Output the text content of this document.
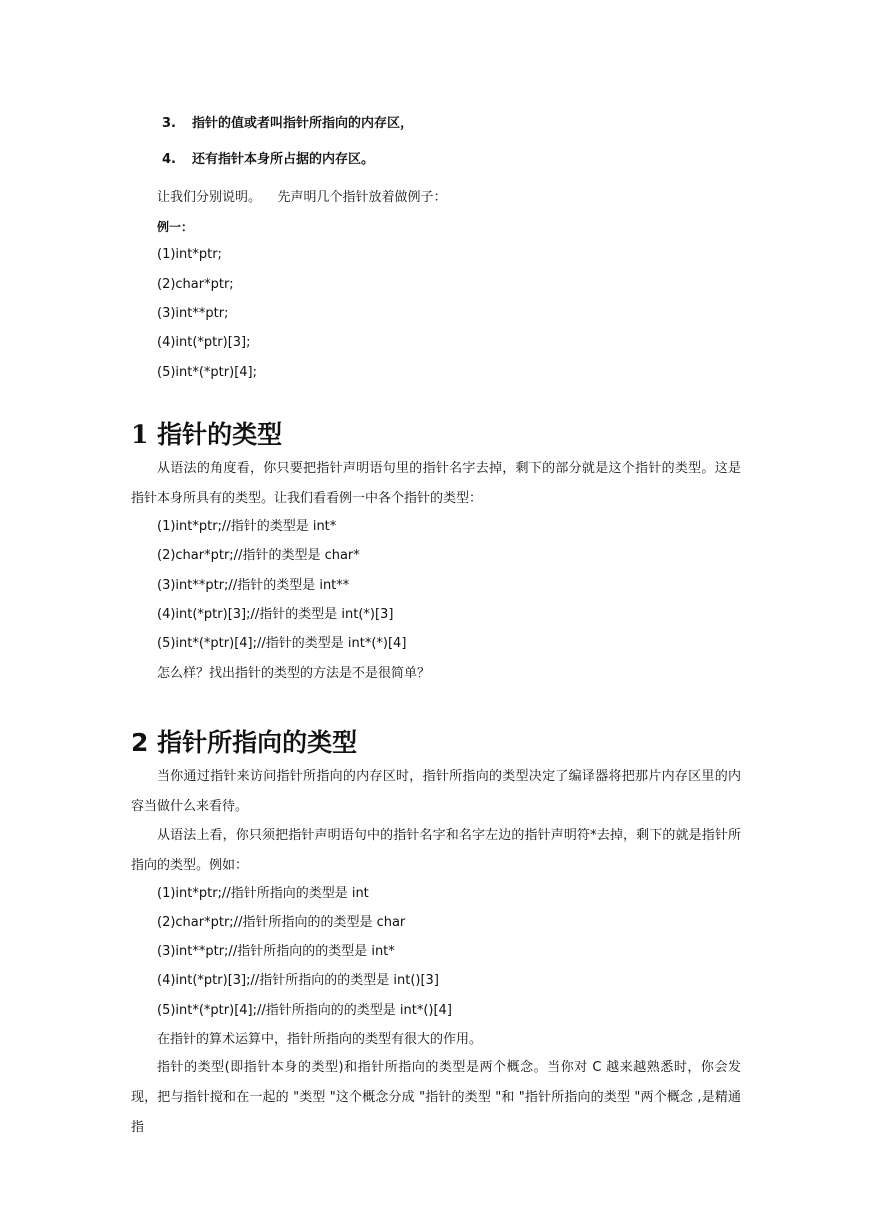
3. 指针的值或者叫指针所指向的内存区，
4. 还有指针本身所占据的内存区。
让我们分别说明。    先声明几个指针放着做例子：
例一：
(1)int*ptr;
(2)char*ptr;
(3)int**ptr;
(4)int(*ptr)[3];
(5)int*(*ptr)[4];
1 指针的类型
从语法的角度看，你只要把指针声明语句里的指针名字去掉，剩下的部分就是这个指针的类型。这是指针本身所具有的类型。让我们看看例一中各个指针的类型：
(1)int*ptr;//指针的类型是 int*
(2)char*ptr;//指针的类型是 char*
(3)int**ptr;//指针的类型是 int**
(4)int(*ptr)[3];//指针的类型是 int(*)[3]
(5)int*(*ptr)[4];//指针的类型是 int*(*)[4]
怎么样？找出指针的类型的方法是不是很简单？
2 指针所指向的类型
当你通过指针来访问指针所指向的内存区时，指针所指向的类型决定了编译器将把那片内存区里的内容当做什么来看待。
从语法上看，你只须把指针声明语句中的指针名字和名字左边的指针声明符*去掉，剩下的就是指针所指向的类型。例如：
(1)int*ptr;//指针所指向的类型是 int
(2)char*ptr;//指针所指向的的类型是 char
(3)int**ptr;//指针所指向的的类型是 int*
(4)int(*ptr)[3];//指针所指向的的类型是 int()[3]
(5)int*(*ptr)[4];//指针所指向的的类型是 int*()[4]
在指针的算术运算中，指针所指向的类型有很大的作用。
指针的类型(即指针本身的类型)和指针所指向的类型是两个概念。当你对 C 越来越熟悉时，你会发现，把与指针搅和在一起的 "类型 "这个概念分成 "指针的类型 "和 "指针所指向的类型 "两个概念 ,是精通指
